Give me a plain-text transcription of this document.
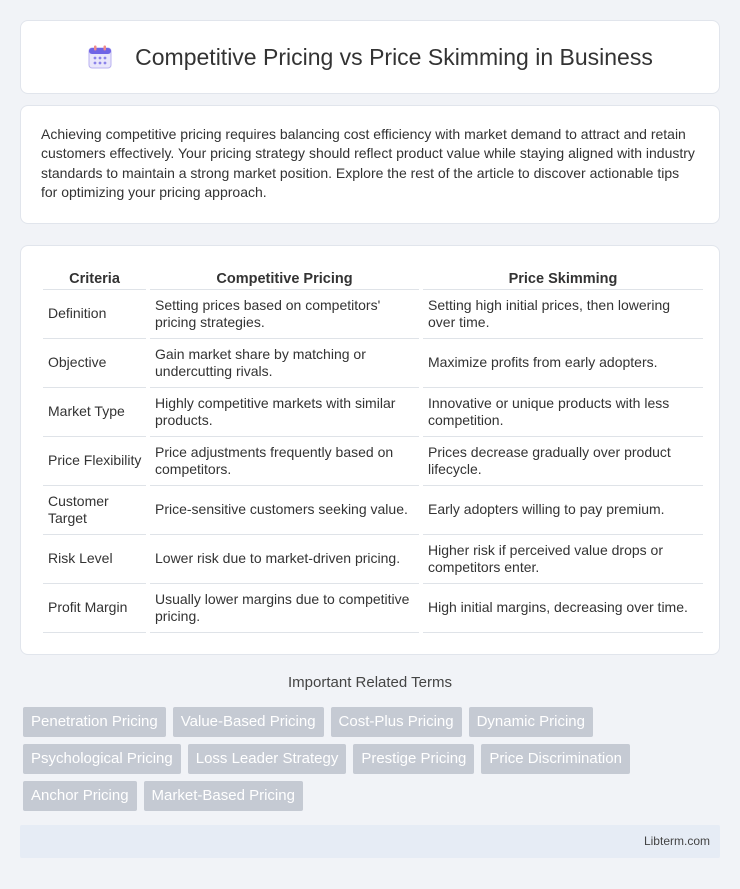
Competitive Pricing vs Price Skimming in Business

Achieving competitive pricing requires balancing cost efficiency with market demand to attract and retain customers effectively. Your pricing strategy should reflect product value while staying aligned with industry standards to maintain a strong market position. Explore the rest of the article to discover actionable tips for optimizing your pricing approach.

Criteria	Competitive Pricing	Price Skimming
Definition	Setting prices based on competitors' pricing strategies.	Setting high initial prices, then lowering over time.
Objective	Gain market share by matching or undercutting rivals.	Maximize profits from early adopters.
Market Type	Highly competitive markets with similar products.	Innovative or unique products with less competition.
Price Flexibility	Price adjustments frequently based on competitors.	Prices decrease gradually over product lifecycle.
Customer Target	Price-sensitive customers seeking value.	Early adopters willing to pay premium.
Risk Level	Lower risk due to market-driven pricing.	Higher risk if perceived value drops or competitors enter.
Profit Margin	Usually lower margins due to competitive pricing.	High initial margins, decreasing over time.
Important Related Terms
Penetration Pricing	Value-Based Pricing	Cost-Plus Pricing	Dynamic Pricing
Psychological Pricing	Loss Leader Strategy	Prestige Pricing	Price Discrimination
Anchor Pricing	Market-Based Pricing
Libterm.com
